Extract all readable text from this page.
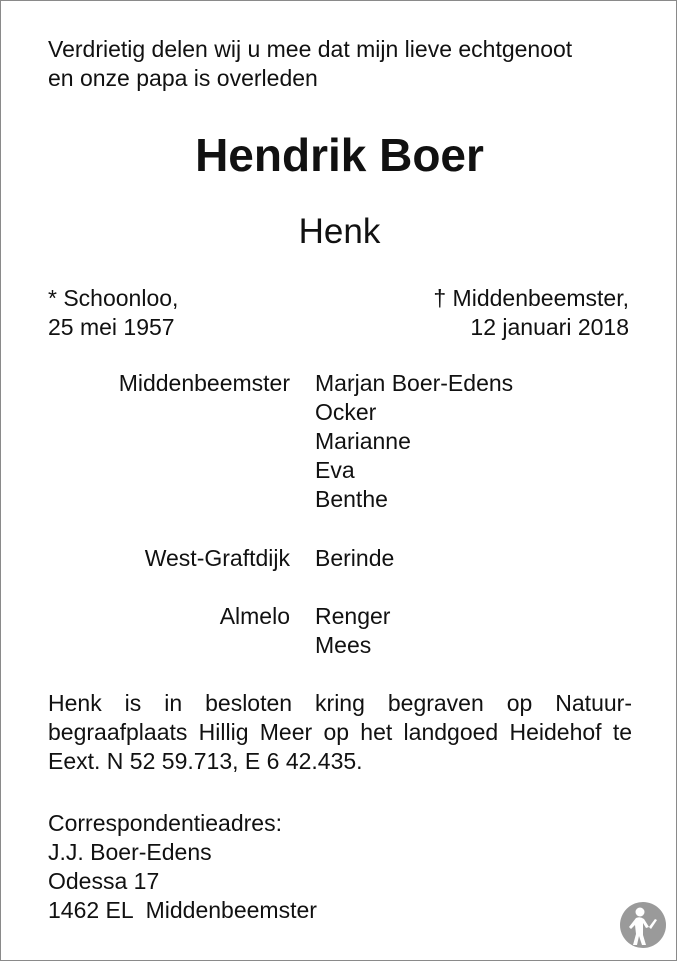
Verdrietig delen wij u mee dat mijn lieve echtgenoot
en onze papa is overleden
Hendrik Boer
Henk
* Schoonloo,
25 mei 1957
† Middenbeemster,
12 januari 2018
Middenbeemster Marjan Boer-Edens
Ocker
Marianne
Eva
Benthe
West-Graftdijk Berinde
Almelo Renger
Mees
Henk is in besloten kring begraven op Natuurbegraafplaats Hillig Meer op het landgoed Heidehof te Eext. N 52 59.713, E 6 42.435.
Correspondentieadres:
J.J. Boer-Edens
Odessa 17
1462 EL  Middenbeemster
